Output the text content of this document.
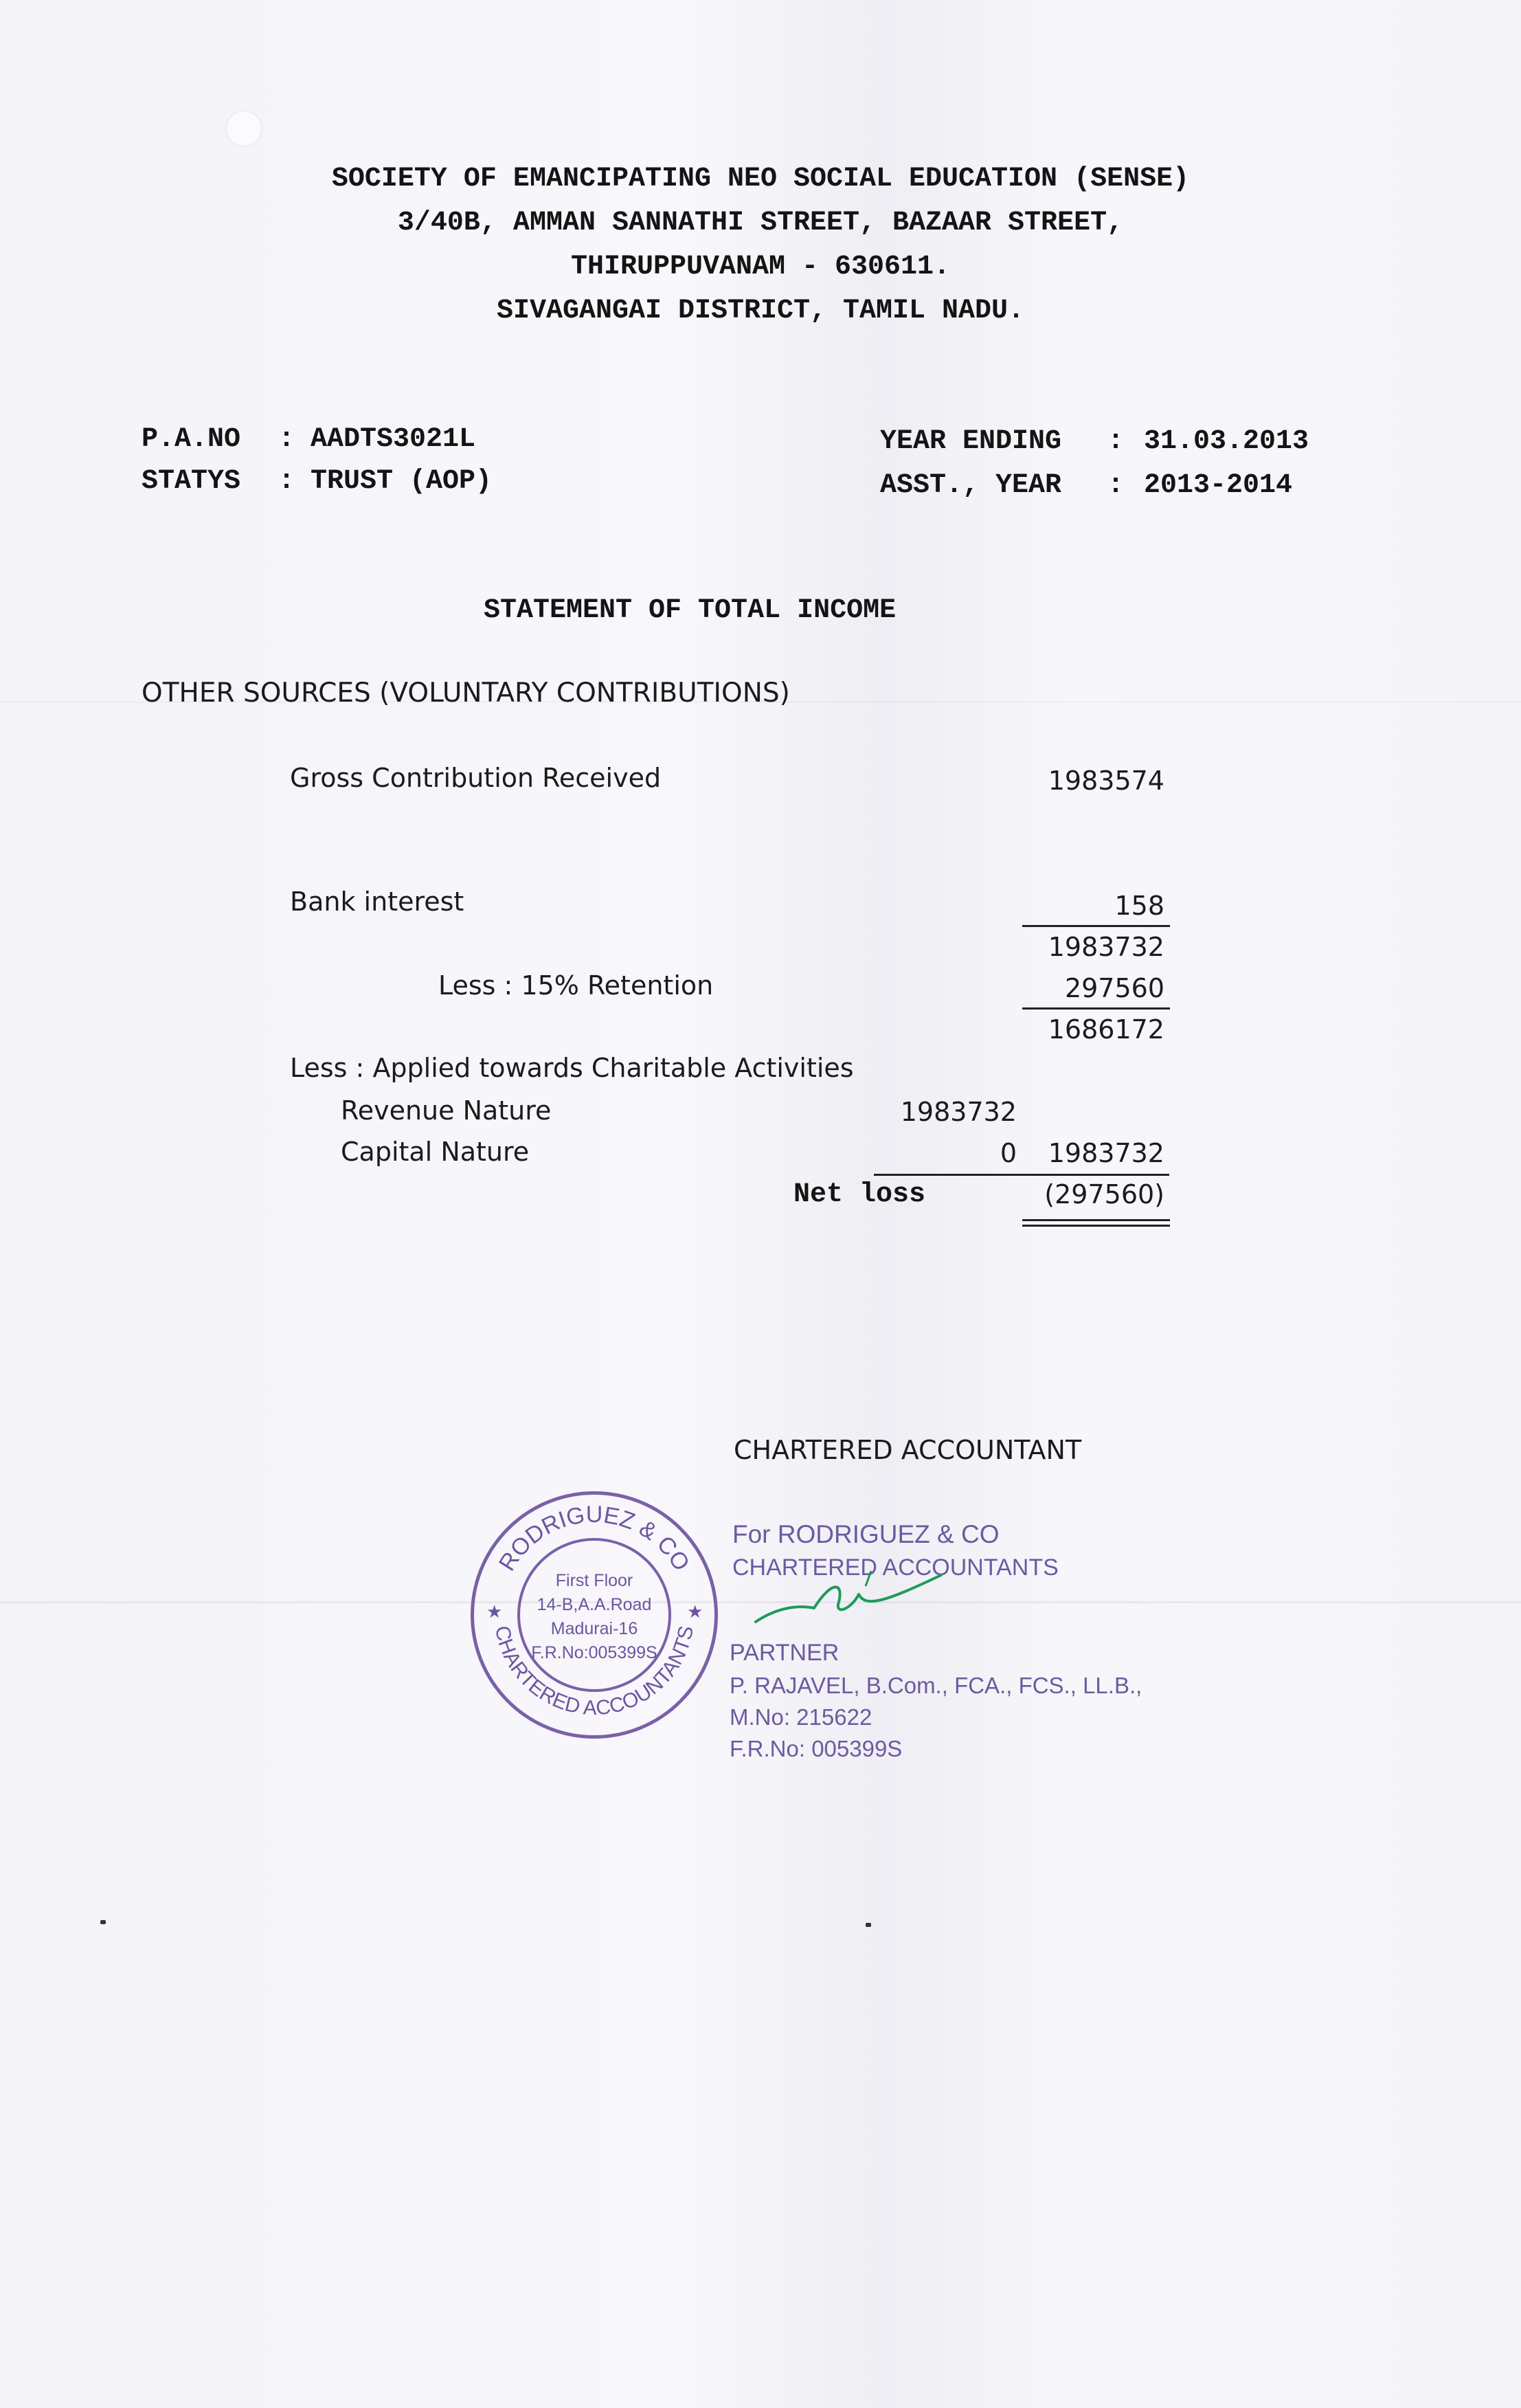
SOCIETY OF EMANCIPATING NEO SOCIAL EDUCATION (SENSE)
3/40B, AMMAN SANNATHI STREET, BAZAAR STREET,
THIRUPPUVANAM - 630611.
SIVAGANGAI DISTRICT, TAMIL NADU.
P.A.NO : AADTS3021L
STATYS : TRUST (AOP)
YEAR ENDING : 31.03.2013
ASST., YEAR : 2013-2014
STATEMENT OF TOTAL INCOME
OTHER SOURCES (VOLUNTARY CONTRIBUTIONS)
Gross Contribution Received	1983574
Bank interest	158
1983732
Less : 15% Retention	297560
1686172
Less : Applied towards Charitable Activities
Revenue Nature	1983732
Capital Nature	0	1983732
Net loss	(297560)
CHARTERED ACCOUNTANT
RODRIGUEZ & CO
CHARTERED ACCOUNTANTS
First Floor
14-B,A.A.Road
Madurai-16
F.R.No:005399S
★	★
For RODRIGUEZ & CO
CHARTERED ACCOUNTANTS
PARTNER
P. RAJAVEL, B.Com., FCA., FCS., LL.B.,
M.No: 215622
F.R.No: 005399S
